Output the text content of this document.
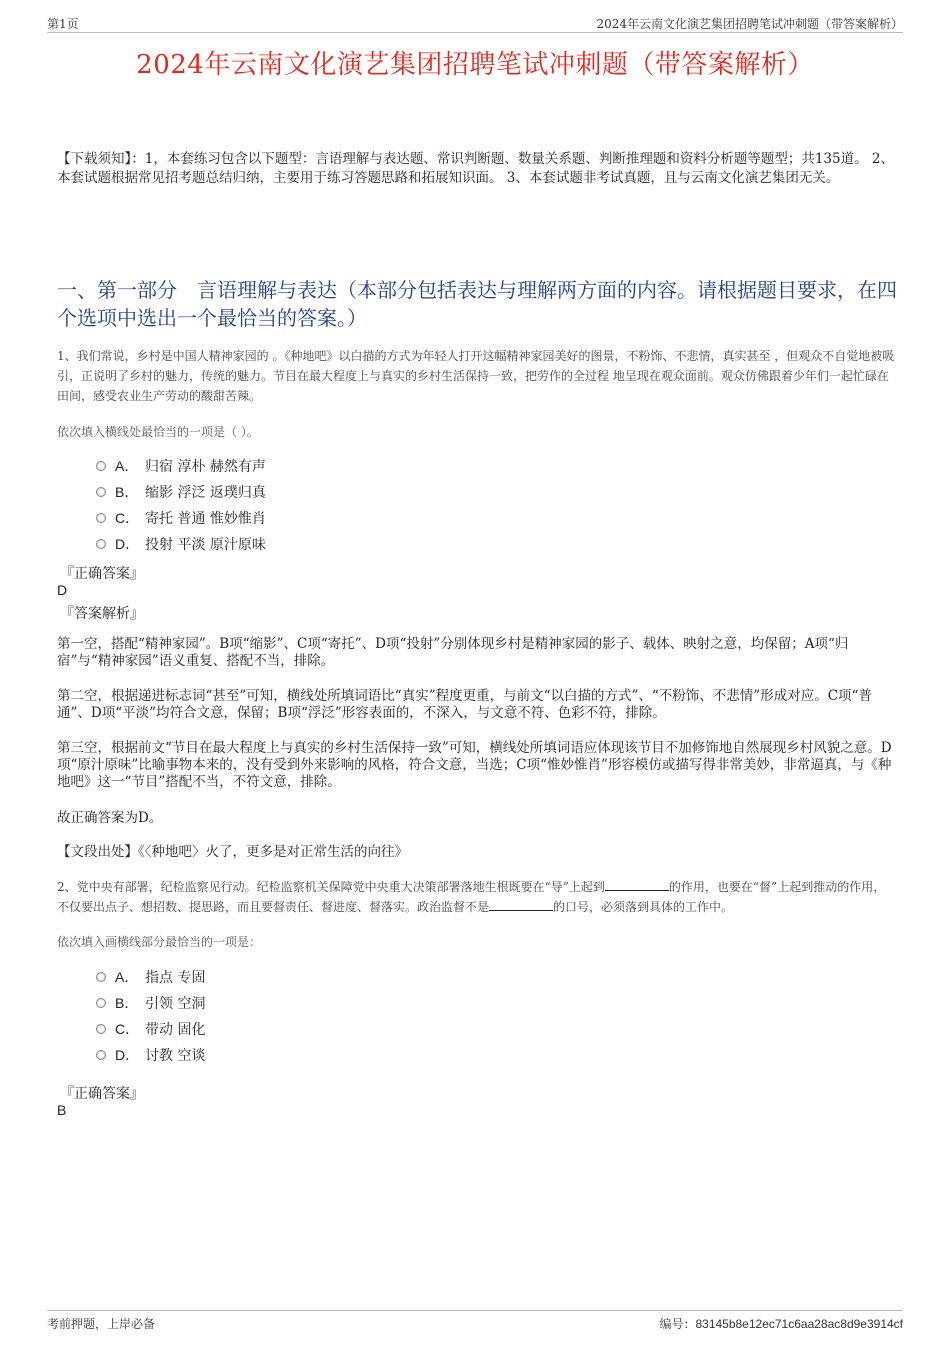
第1页	2024年云南文化演艺集团招聘笔试冲刺题（带答案解析）
2024年云南文化演艺集团招聘笔试冲刺题（带答案解析）
【下载须知】：1，本套练习包含以下题型：言语理解与表达题、常识判断题、数量关系题、判断推理题和资料分析题等题型；共135道。 2、本套试题根据常见招考题总结归纳，主要用于练习答题思路和拓展知识面。 3、本套试题非考试真题，且与云南文化演艺集团无关。
一、第一部分　言语理解与表达（本部分包括表达与理解两方面的内容。请根据题目要求，在四个选项中选出一个最恰当的答案。）
1、我们常说，乡村是中国人精神家园的 。《种地吧》以白描的方式为年轻人打开这幅精神家园美好的图景，不粉饰、不悲情，真实甚至 ，但观众不自觉地被吸引，正说明了乡村的魅力，传统的魅力。节目在最大程度上与真实的乡村生活保持一致，把劳作的全过程 地呈现在观众面前。观众仿佛跟着少年们一起忙碌在田间，感受农业生产劳动的酸甜苦辣。
依次填入横线处最恰当的一项是（ ）。
A． 归宿 淳朴 赫然有声
B． 缩影 浮泛 返璞归真
C． 寄托 普通 惟妙惟肖
D． 投射 平淡 原汁原味
『正确答案』
D
『答案解析』
第一空，搭配“精神家园”。B项“缩影”、C项“寄托”、D项“投射”分别体现乡村是精神家园的影子、载体、映射之意，均保留；A项“归宿”与“精神家园”语义重复、搭配不当，排除。
第二空，根据递进标志词“甚至”可知，横线处所填词语比“真实”程度更重，与前文“以白描的方式”、“不粉饰、不悲情”形成对应。C项“普通”、D项“平淡”均符合文意，保留；B项“浮泛”形容表面的，不深入，与文意不符、色彩不符，排除。
第三空，根据前文“节目在最大程度上与真实的乡村生活保持一致”可知，横线处所填词语应体现该节目不加修饰地自然展现乡村风貌之意。D项“原汁原味”比喻事物本来的，没有受到外来影响的风格，符合文意，当选；C项“惟妙惟肖”形容模仿或描写得非常美妙，非常逼真，与《种地吧》这一“节目”搭配不当，不符文意，排除。
故正确答案为D。
【文段出处】《〈种地吧〉火了，更多是对正常生活的向往》
2、党中央有部署，纪检监察见行动。纪检监察机关保障党中央重大决策部署落地生根既要在“导”上起到	的作用，也要在“督”上起到推动的作用，不仅要出点子、想招数、提思路，而且要督责任、督进度、督落实。政治监督不是	的口号，必须落到具体的工作中。
依次填入画横线部分最恰当的一项是：
A． 指点 专固
B． 引领 空洞
C． 带动 固化
D． 讨教 空谈
『正确答案』
B
考前押题，上岸必备	编号：83145b8e12ec71c6aa28ac8d9e3914cf
